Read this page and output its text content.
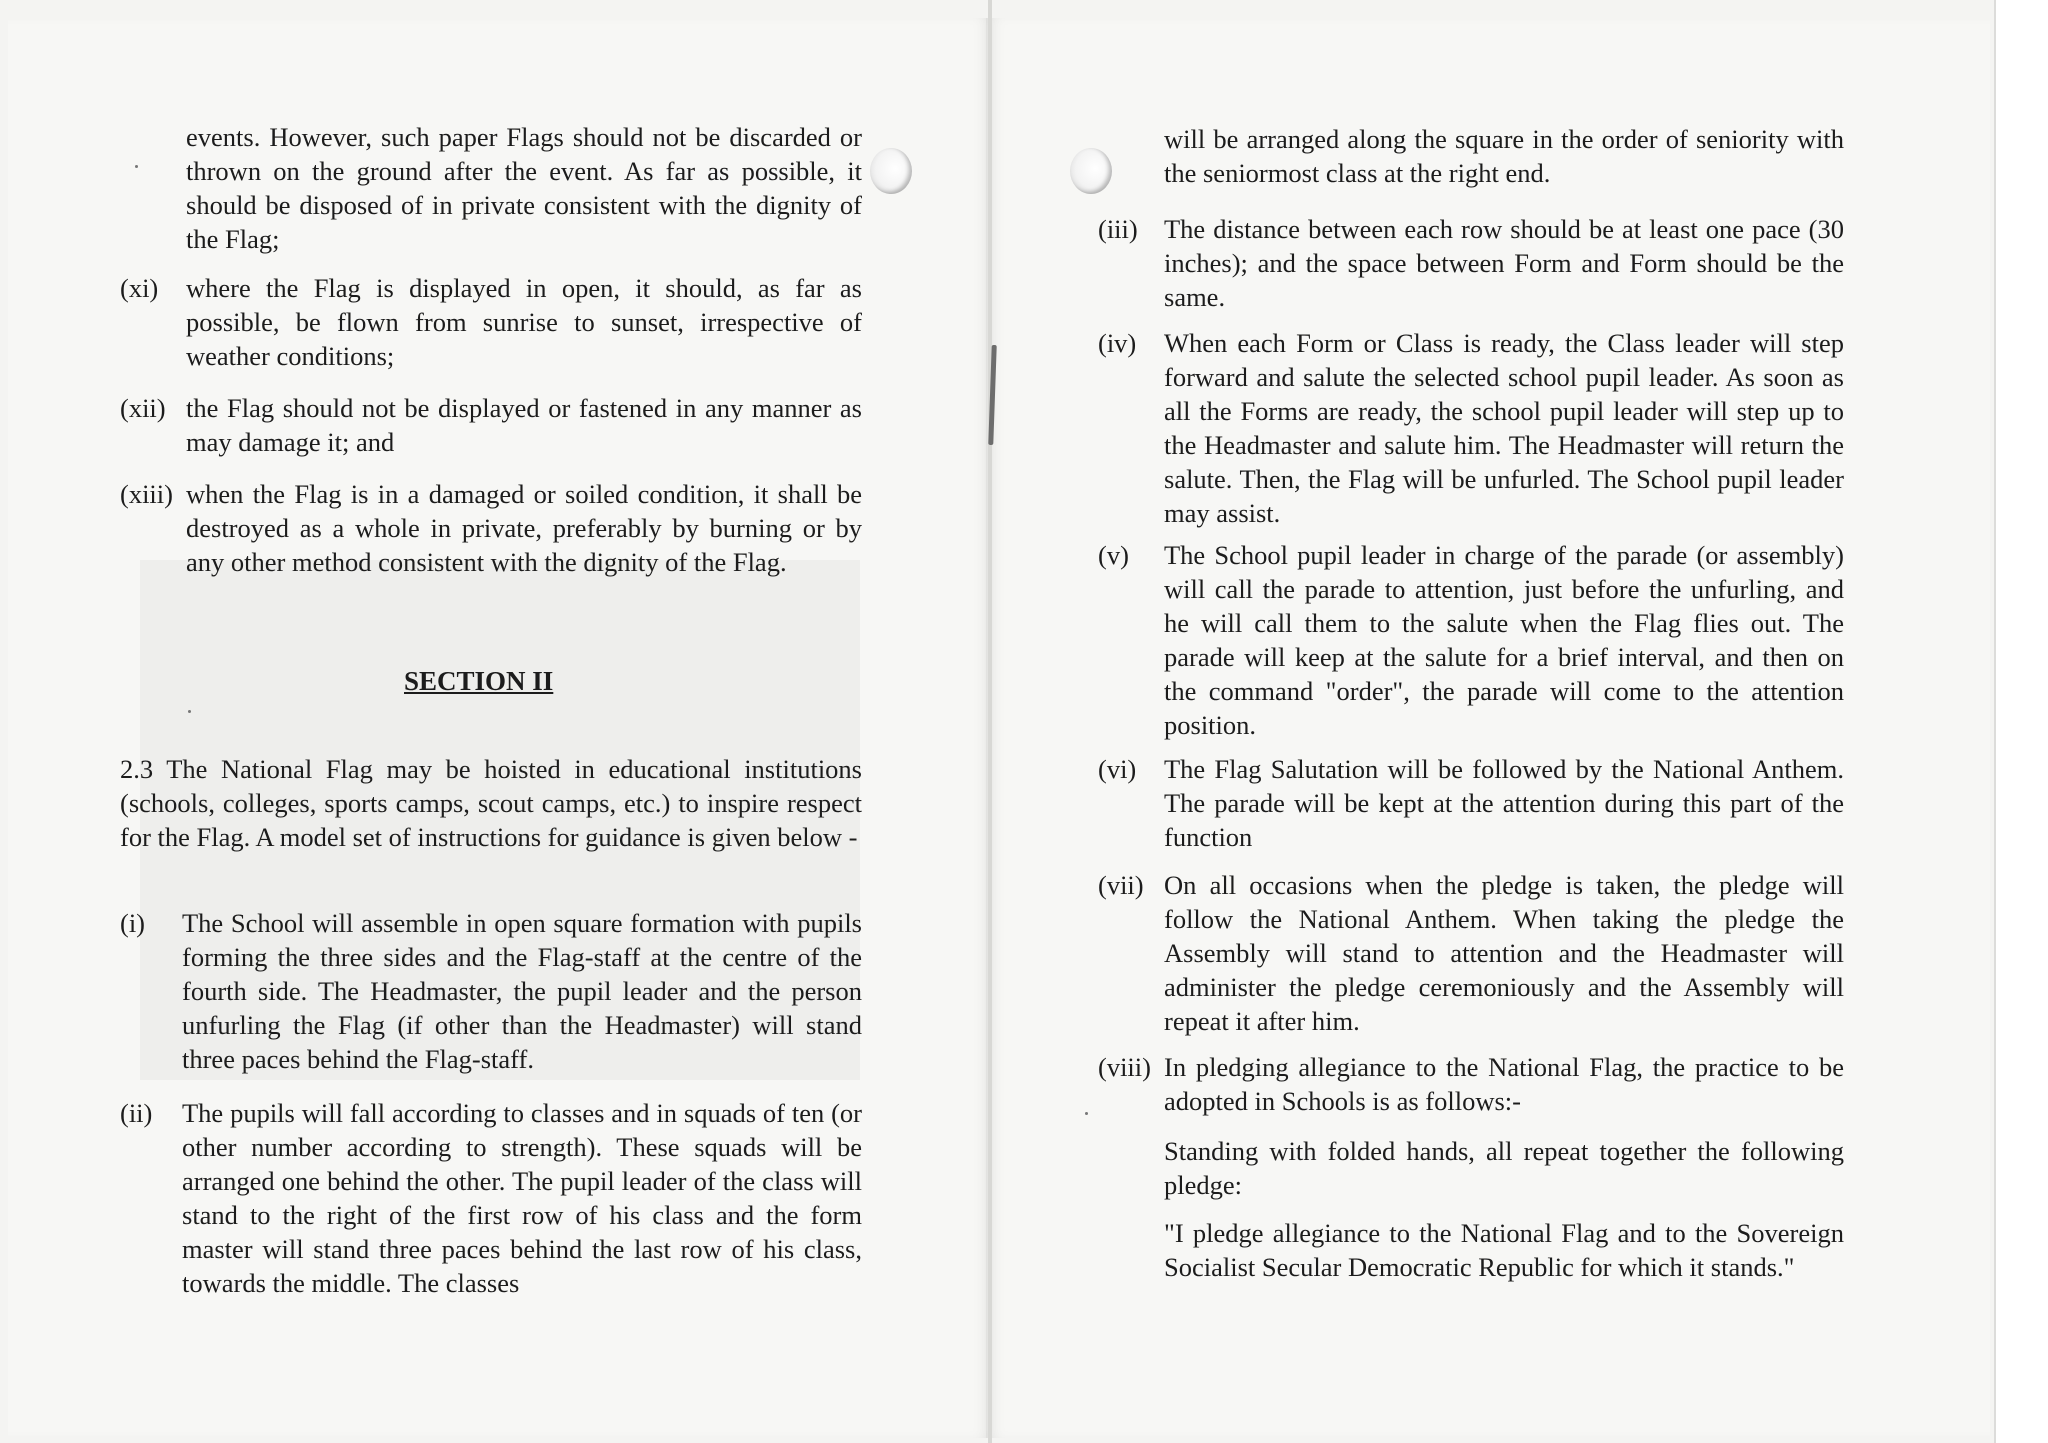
events. However, such paper Flags should not be discarded or thrown on the ground after the event. As far as possible, it should be disposed of in private consistent with the dignity of the Flag;
(xi) where the Flag is displayed in open, it should, as far as possible, be flown from sunrise to sunset, irrespective of weather conditions;
(xii) the Flag should not be displayed or fastened in any manner as may damage it; and
(xiii) when the Flag is in a damaged or soiled condition, it shall be destroyed as a whole in private, preferably by burning or by any other method consistent with the dignity of the Flag.
SECTION II
2.3 The National Flag may be hoisted in educational institutions (schools, colleges, sports camps, scout camps, etc.) to inspire respect for the Flag. A model set of instructions for guidance is given below -
(i) The School will assemble in open square formation with pupils forming the three sides and the Flag-staff at the centre of the fourth side. The Headmaster, the pupil leader and the person unfurling the Flag (if other than the Headmaster) will stand three paces behind the Flag-staff.
(ii) The pupils will fall according to classes and in squads of ten (or other number according to strength). These squads will be arranged one behind the other. The pupil leader of the class will stand to the right of the first row of his class and the form master will stand three paces behind the last row of his class, towards the middle. The classes
will be arranged along the square in the order of seniority with the seniormost class at the right end.
(iii) The distance between each row should be at least one pace (30 inches); and the space between Form and Form should be the same.
(iv) When each Form or Class is ready, the Class leader will step forward and salute the selected school pupil leader. As soon as all the Forms are ready, the school pupil leader will step up to the Headmaster and salute him. The Headmaster will return the salute. Then, the Flag will be unfurled. The School pupil leader may assist.
(v) The School pupil leader in charge of the parade (or assembly) will call the parade to attention, just before the unfurling, and he will call them to the salute when the Flag flies out. The parade will keep at the salute for a brief interval, and then on the command "order", the parade will come to the attention position.
(vi) The Flag Salutation will be followed by the National Anthem. The parade will be kept at the attention during this part of the function
(vii) On all occasions when the pledge is taken, the pledge will follow the National Anthem. When taking the pledge the Assembly will stand to attention and the Headmaster will administer the pledge ceremoniously and the Assembly will repeat it after him.
(viii) In pledging allegiance to the National Flag, the practice to be adopted in Schools is as follows:-
Standing with folded hands, all repeat together the following pledge:
"I pledge allegiance to the National Flag and to the Sovereign Socialist Secular Democratic Republic for which it stands."
